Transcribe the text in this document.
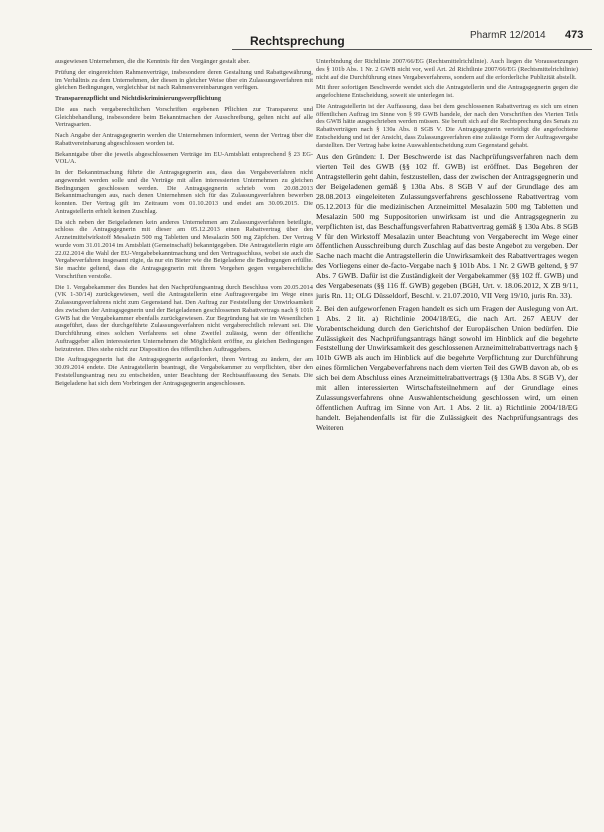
Rechtsprechung	PharmR 12/2014 473

ausgewiesen Unternehmen, die die Kenntnis für den Vorgänger gestalt aber.

Prüfung der eingereichten Rahmenverträge, insbesondere deren Gestaltung und Rabattgewährung, im Verhältnis zu dem Unternehmen, der diesen in gleicher Weise über ein Zulassungsverfahren mit gleichen Bedingungen, vergleichbar ist nach Rahmenvereinbarungen verfügen.

Transparenzpflicht und Nichtdiskriminierungsverpflichtung

Die aus nach vergaberechtlichen Vorschriften ergebenen Pflichten zur Transparenz und Gleichbehandlung, insbesondere beim Bekanntmachen der Ausschreibung, gelten nicht auf alle Vertragsarten.

Nach Angabe der Antragsgegnerin werden die Unternehmen informiert, wenn der Vertrag über die Rabattvereinbarung abgeschlossen worden ist.

Bekanntgabe über die jeweils abgeschlossenen Verträge im EU-Amtsblatt entsprechend § 23 EG-VOL/A.

In der Bekanntmachung führte die Antragsgegnerin aus, dass das Vergabeverfahren nicht angewendet werden solle und die Verträge mit allen interessierten Unternehmen zu gleichen Bedingungen geschlossen werden. Die Antragsgegnerin schrieb vom 20.08.2013 Bekanntmachungen aus, nach denen Unternehmen sich für das Zulassungsverfahren bewerben konnten. Der Vertrag gilt im Zeitraum vom 01.10.2013 und endet am 30.09.2015. Die Antragstellerin erhielt keinen Zuschlag.

Da sich neben der Beigeladenen kein anderes Unternehmen am Zulassungsverfahren beteiligte, schloss die Antragsgegnerin mit dieser am 05.12.2013 einen Rabattvertrag über den Arzneimittelwirkstoff Mesalazin 500 mg Tabletten und Mesalazin 500 mg Zäpfchen. Der Vertrag wurde vom 31.01.2014 im Amtsblatt (Gemeinschaft) bekanntgegeben. Die Antragstellerin rügte am 22.02.2014 die Wahl der EU-Vergabebekanntmachung und den Vertragsschluss, wobei sie auch die Vergabeverfahren insgesamt rügte, da nur ein Bieter wie die Beigeladene die Bedingungen erfüllte. Sie machte geltend, dass die Antragsgegnerin mit ihrem Vorgehen gegen vergaberechtliche Vorschriften verstoße.

Die 1. Vergabekammer des Bundes hat den Nachprüfungsantrag durch Beschluss vom 20.05.2014 (VK 1-30/14) zurückgewiesen, weil die Antragstellerin eine Auftragsvergabe im Wege eines Zulassungsverfahrens nicht zum Gegenstand hat. Den Auftrag zur Feststellung der Unwirksamkeit des zwischen der Antragsgegnerin und der Beigeladenen geschlossenen Rabattvertrags nach § 101b GWB hat die Vergabekammer ebenfalls zurückgewiesen. Zur Begründung hat sie im Wesentlichen ausgeführt, dass der durchgeführte Zulassungsverfahren nicht vergaberechtlich relevant sei. Die Durchführung eines solchen Verfahrens sei ohne Zweifel zulässig, wenn der öffentliche Auftraggeber allen interessierten Unternehmen die Möglichkeit eröffne, zu gleichen Bedingungen beizutreten. Dies stehe nicht zur Disposition des öffentlichen Auftraggebers.

Die Auftragsgegnerin hat die Antragsgegnerin aufgefordert, ihren Vertrag zu ändern, der am 30.09.2014 endete. Die Antragstellerin beantragt, die Vergabekammer zu verpflichten, über den Feststellungsantrag neu zu entscheiden, unter Beachtung der Rechtsauffassung des Senats. Die Beigeladene hat sich dem Vorbringen der Antragsgegnerin angeschlossen.

Unterbindung der Richtlinie 2007/66/EG (Rechtsmittelrichtlinie). Auch liegen die Voraussetzungen des § 101b Abs. 1 Nr. 2 GWB nicht vor, weil Art. 2d Richtlinie 2007/66/EG (Rechtsmittelrichtlinie) nicht auf die Durchführung eines Vergabeverfahrens, sondern auf die erforderliche Publizität abstellt.

Mit ihrer sofortigen Beschwerde wendet sich die Antragstellerin und die Antragsgegnerin gegen die angefochtene Entscheidung, soweit sie unterlegen ist.

Die Antragstellerin ist der Auffassung, dass bei dem geschlossenen Rabattvertrag es sich um einen öffentlichen Auftrag im Sinne von § 99 GWB handele, der nach den Vorschriften des Vierten Teils des GWB hätte ausgeschrieben werden müssen. Sie beruft sich auf die Rechtsprechung des Senats zu Rabattverträgen nach § 130a Abs. 8 SGB V. Die Antragsgegnerin verteidigt die angefochtene Entscheidung und ist der Ansicht, dass Zulassungsverfahren eine zulässige Form der Auftragsvergabe darstellten. Der Vertrag habe keine Auswahlentscheidung zum Gegenstand gehabt.

Aus den Gründen: I. Der Beschwerde ist das Nachprüfungsverfahren nach dem vierten Teil des GWB (§§ 102 ff. GWB) ist eröffnet. Das Begehren der Antragstellerin geht dahin, festzustellen, dass der zwischen der Antragsgegnerin und der Beigeladenen gemäß § 130a Abs. 8 SGB V auf der Grundlage des am 28.08.2013 eingeleiteten Zulassungsverfahrens geschlossene Rabattvertrag vom 05.12.2013 für die medizinischen Arzneimittel Mesalazin 500 mg Tabletten und Mesalazin 500 mg Suppositorien unwirksam ist und die Antragsgegnerin zu verpflichten ist, das Beschaffungsverfahren Rabattvertrag gemäß § 130a Abs. 8 SGB V für den Wirkstoff Mesalazin unter Beachtung von Vergaberecht im Wege einer öffentlichen Ausschreibung durch Zuschlag auf das beste Angebot zu vergeben. Der Sache nach macht die Antragstellerin die Unwirksamkeit des Rabattvertrages wegen des Vorliegens einer de-facto-Vergabe nach § 101b Abs. 1 Nr. 2 GWB geltend, § 97 Abs. 7 GWB. Dafür ist die Zuständigkeit der Vergabekammer (§§ 102 ff. GWB) und des Vergabesenats (§§ 116 ff. GWB) gegeben (BGH, Urt. v. 18.06.2012, X ZB 9/11, juris Rn. 11; OLG Düsseldorf, Beschl. v. 21.07.2010, VII Verg 19/10, juris Rn. 33).

2. Bei den aufgeworfenen Fragen handelt es sich um Fragen der Auslegung von Art. 1 Abs. 2 lit. a) Richtlinie 2004/18/EG, die nach Art. 267 AEUV der Vorabentscheidung durch den Gerichtshof der Europäischen Union bedürfen. Die Zulässigkeit des Nachprüfungsantrags hängt sowohl im Hinblick auf die begehrte Feststellung der Unwirksamkeit des geschlossenen Arzneimittelrabattvertrags nach § 101b GWB als auch im Hinblick auf die begehrte Verpflichtung zur Durchführung eines förmlichen Vergabeverfahrens nach dem vierten Teil des GWB davon ab, ob es sich bei dem Abschluss eines Arzneimittelrabattvertrags (§ 130a Abs. 8 SGB V), der mit allen interessierten Wirtschaftsteilnehmern auf der Grundlage eines Zulassungsverfahrens ohne Auswahlentscheidung geschlossen wird, um einen öffentlichen Auftrag im Sinne von Art. 1 Abs. 2 lit. a) Richtlinie 2004/18/EG handelt. Bejahendenfalls ist für die Zulässigkeit des Nachprüfungsantrags des Weiteren
